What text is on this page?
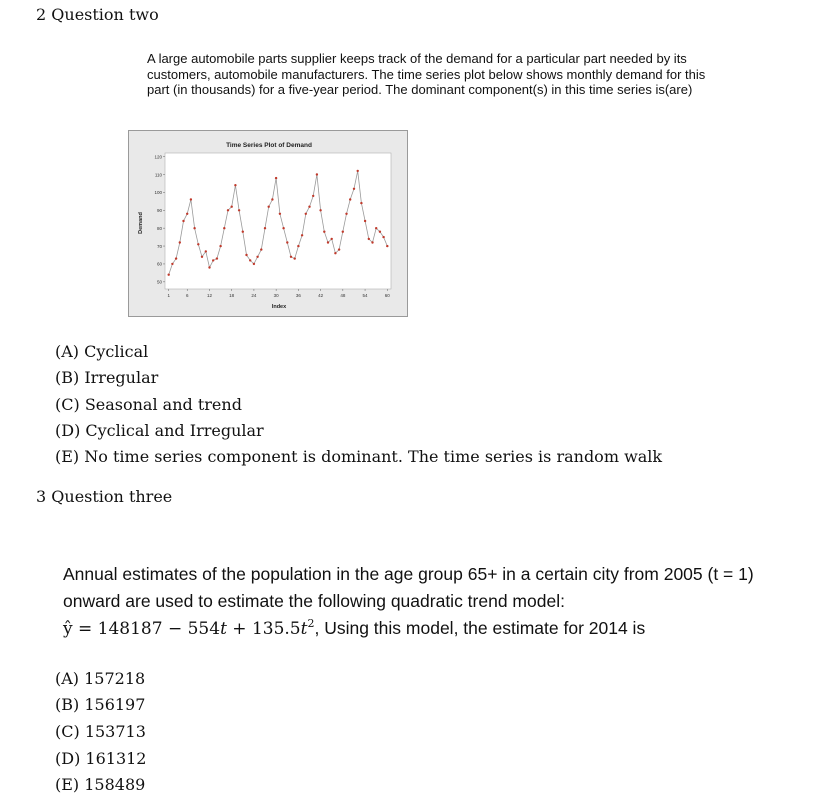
2 Question two
A large automobile parts supplier keeps track of the demand for a particular part needed by its customers, automobile manufacturers. The time series plot below shows monthly demand for this part (in thousands) for a five-year period. The dominant component(s) in this time series is(are)
Time Series Plot of Demand
Index
Demand
50
60
70
80
90
100
110
120
1	6	12	18	24	30	36	42	48	54	60
(A) Cyclical
(B) Irregular
(C) Seasonal and trend
(D) Cyclical and Irregular
(E) No time series component is dominant. The time series is random walk
3 Question three
Annual estimates of the population in the age group 65+ in a certain city from 2005 (t = 1) onward are used to estimate the following quadratic trend model:
ŷ = $148187 - 554t + 135.5t^2$, Using this model, the estimate for 2014 is
(A) 157218
(B) 156197
(C) 153713
(D) 161312
(E) 158489
